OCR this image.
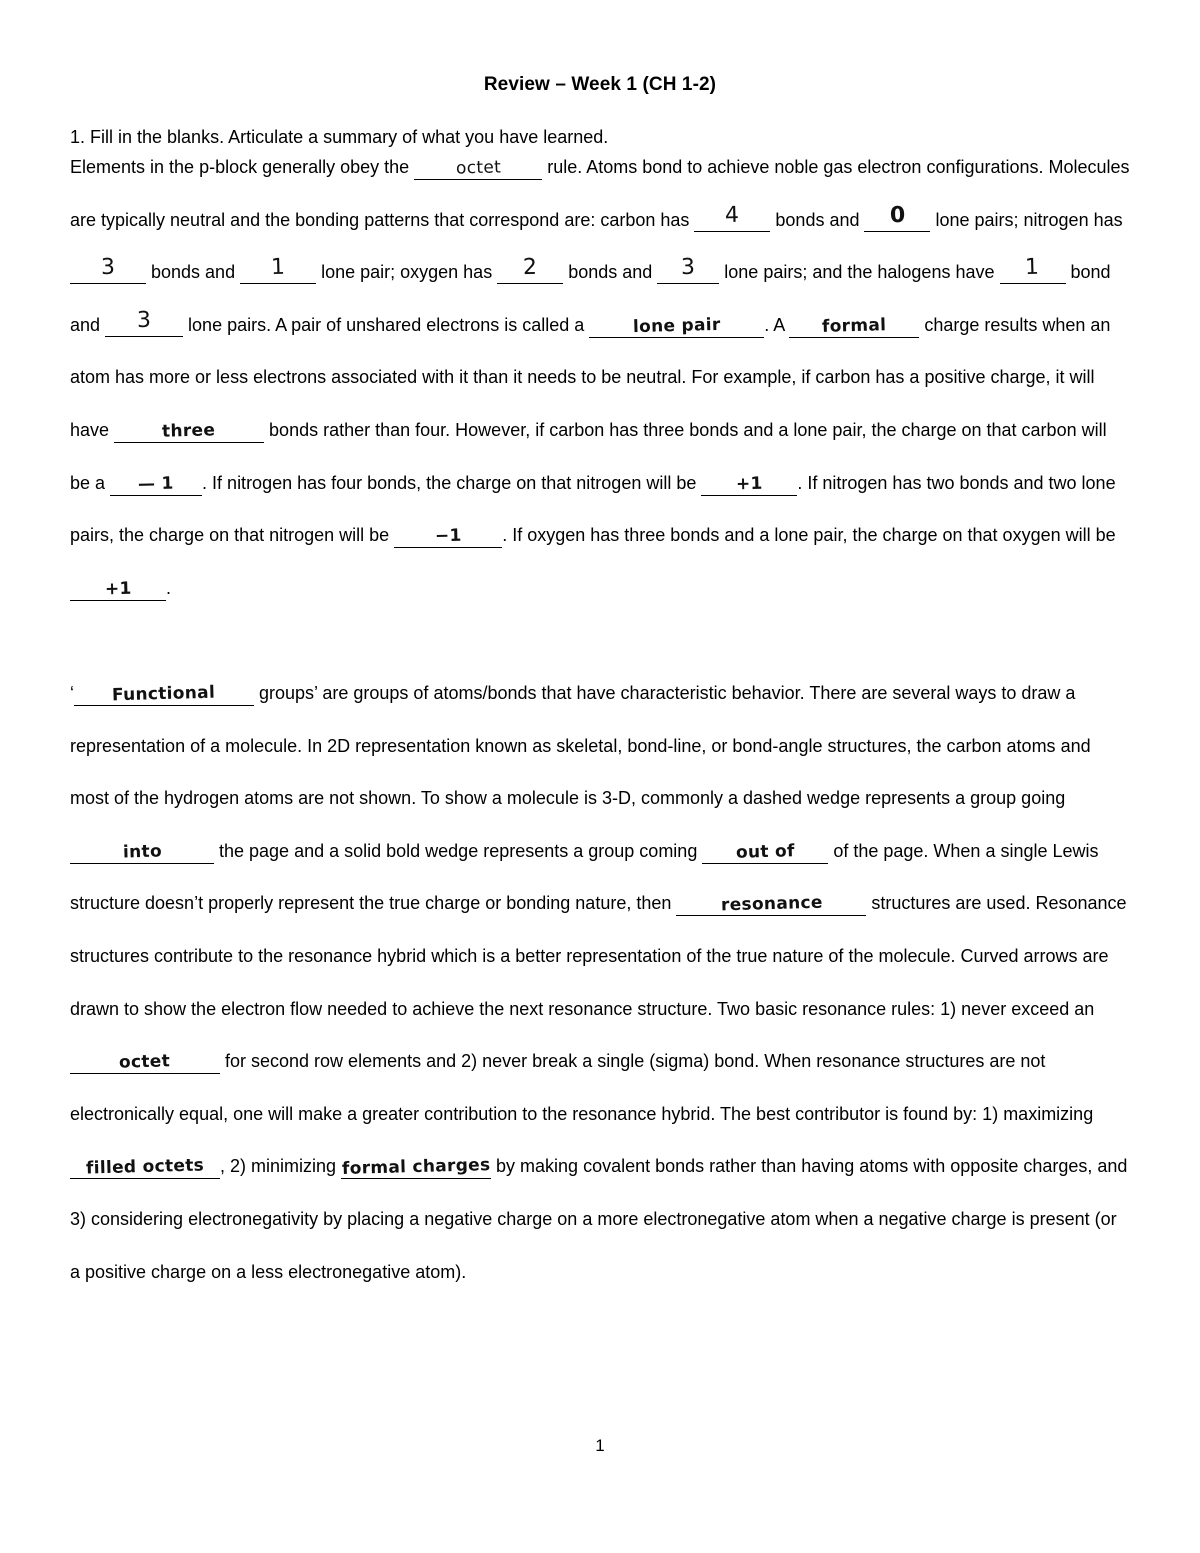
Review – Week 1 (CH 1-2)
1. Fill in the blanks. Articulate a summary of what you have learned.

Elements in the p-block generally obey the octet rule. Atoms bond to achieve noble gas electron configurations. Molecules are typically neutral and the bonding patterns that correspond are: carbon has 4 bonds and 0 lone pairs; nitrogen has 3 bonds and 1 lone pair; oxygen has 2 bonds and 3 lone pairs; and the halogens have 1 bond and 3 lone pairs. A pair of unshared electrons is called a	lone pair . A formal charge results when an atom has more or less electrons associated with it than it needs to be neutral. For example, if carbon has a positive charge, it will have	three	bonds rather than four. However, if carbon has three bonds and a lone pair, the charge on that carbon will be a — 1 . If nitrogen has four bonds, the charge on that nitrogen will be +1 . If nitrogen has two bonds and two lone pairs, the charge on that nitrogen will be −1 . If oxygen has three bonds and a lone pair, the charge on that oxygen will be +1 .

‘ Functional groups’ are groups of atoms/bonds that have characteristic behavior. There are several ways to draw a representation of a molecule. In 2D representation known as skeletal, bond-line, or bond-angle structures, the carbon atoms and most of the hydrogen atoms are not shown. To show a molecule is 3-D, commonly a dashed wedge represents a group going into	the page and a solid bold wedge represents a group coming out of of the page. When a single Lewis structure doesn’t properly represent the true charge or bonding nature, then	resonance structures are used. Resonance structures contribute to the resonance hybrid which is a better representation of the true nature of the molecule. Curved arrows are drawn to show the electron flow needed to achieve the next resonance structure. Two basic resonance rules: 1) never exceed an octet	for second row elements and 2) never break a single (sigma) bond. When resonance structures are not electronically equal, one will make a greater contribution to the resonance hybrid. The best contributor is found by: 1) maximizing filled octets , 2) minimizing formal charges by making covalent bonds rather than having atoms with opposite charges, and 3) considering electronegativity by placing a negative charge on a more electronegative atom when a negative charge is present (or a positive charge on a less electronegative atom).

1
